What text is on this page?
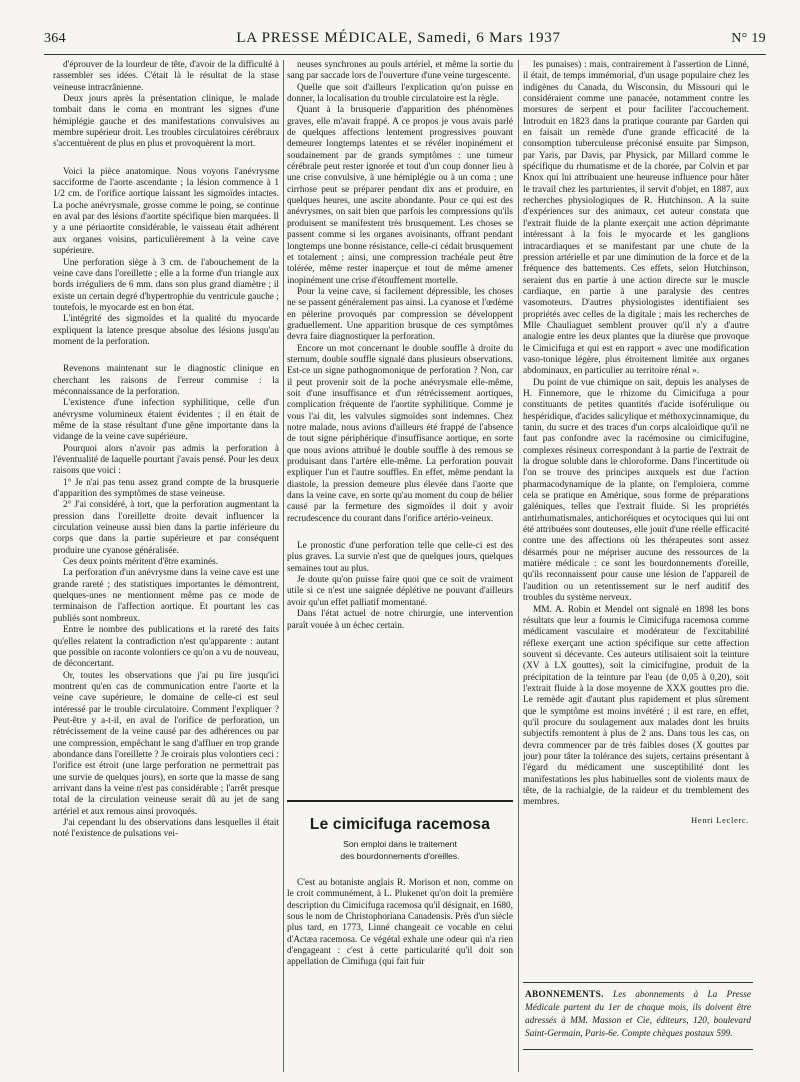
364	LA PRESSE MÉDICALE, Samedi, 6 Mars 1937	N° 19

d'éprouver de la lourdeur de tête, d'avoir de la difficulté à rassembler ses idées. C'était là le résultat de la stase veineuse intracrânienne.

Deux jours après la présentation clinique, le malade tombait dans le coma en montrant les signes d'une hémiplégie gauche et des manifestations convulsives au membre supérieur droit. Les troubles circulatoires cérébraux s'accentuèrent de plus en plus et provoquèrent la mort.

Voici la pièce anatomique. Nous voyons l'anévrysme sacciforme de l'aorte ascendante ; la lésion commence à 1 1/2 cm. de l'orifice aortique laissant les sigmoïdes intactes. La poche anévrysmale, grosse comme le poing, se continue en aval par des lésions d'aortite spécifique bien marquées. Il y a une périaortite considérable, le vaisseau était adhérent aux organes voisins, particulièrement à la veine cave supérieure.

Une perforation siège à 3 cm. de l'abouchement de la veine cave dans l'oreillette ; elle a la forme d'un triangle aux bords irréguliers de 6 mm. dans son plus grand diamètre ; il existe un certain degré d'hypertrophie du ventricule gauche ; toutefois, le myocarde est en bon état.

L'intégrité des sigmoïdes et la qualité du myocarde expliquent la latence presque absolue des lésions jusqu'au moment de la perforation.

Revenons maintenant sur le diagnostic clinique en cherchant les raisons de l'erreur commise : la méconnaissance de la perforation.

L'existence d'une infection syphilitique, celle d'un anévrysme volumineux étaient évidentes ; il en était de même de la stase résultant d'une gêne importante dans la vidange de la veine cave supérieure.

Pourquoi alors n'avoir pas admis la perforation à l'éventualité de laquelle pourtant j'avais pensé. Pour les deux raisons que voici :

1° Je n'ai pas tenu assez grand compte de la brusquerie d'apparition des symptômes de stase veineuse.

2° J'ai considéré, à tort, que la perforation augmentant la pression dans l'oreillette droite devait influencer la circulation veineuse aussi bien dans la partie inférieure du corps que dans la partie supérieure et par conséquent produire une cyanose généralisée.

Ces deux points méritent d'être examinés.

La perforation d'un anévrysme dans la veine cave est une grande rareté ; des statistiques importantes le démontrent, quelques-unes ne mentionnent même pas ce mode de terminaison de l'affection aortique. Et pourtant les cas publiés sont nombreux.

Entre le nombre des publications et la rareté des faits qu'elles relatent la contradiction n'est qu'apparente : autant que possible on raconte volontiers ce qu'on a vu de nouveau, de déconcertant.

Or, toutes les observations que j'ai pu lire jusqu'ici montrent qu'en cas de communication entre l'aorte et la veine cave supérieure, le domaine de celle-ci est seul intéressé par le trouble circulatoire. Comment l'expliquer ? Peut-être y a-t-il, en aval de l'orifice de perforation, un rétrécissement de la veine causé par des adhérences ou par une compression, empêchant le sang d'affluer en trop grande abondance dans l'oreillette ? Je croirais plus volontiers ceci : l'orifice est étroit (une large perforation ne permettrait pas une survie de quelques jours), en sorte que la masse de sang arrivant dans la veine n'est pas considérable ; l'arrêt presque total de la circulation veineuse serait dû au jet de sang artériel et aux remous ainsi provoqués.

J'ai cependant lu des observations dans lesquelles il était noté l'existence de pulsations vei-

neuses synchrones au pouls artériel, et même la sortie du sang par saccade lors de l'ouverture d'une veine turgescente.

Quelle que soit d'ailleurs l'explication qu'on puisse en donner, la localisation du trouble circulatoire est la règle.

Quant à la brusquerie d'apparition des phénomènes graves, elle m'avait frappé. A ce propos je vous avais parlé de quelques affections lentement progressives pouvant demeurer longtemps latentes et se révéler inopinément et soudainement par de grands symptômes : une tumeur cérébrale peut rester ignorée et tout d'un coup donner lieu à une crise convulsive, à une hémiplégie ou à un coma ; une cirrhose peut se préparer pendant dix ans et produire, en quelques heures, une ascite abondante. Pour ce qui est des anévrysmes, on sait bien que parfois les compressions qu'ils produisent se manifestent très brusquement. Les choses se passent comme si les organes avoisinants, offrant pendant longtemps une bonne résistance, celle-ci cédait brusquement et totalement ; ainsi, une compression trachéale peut être tolérée, même rester inaperçue et tout de même amener inopinément une crise d'étouffement mortelle.

Pour la veine cave, si facilement dépressible, les choses ne se passent généralement pas ainsi. La cyanose et l'œdème en pèlerine provoqués par compression se développent graduellement. Une apparition brusque de ces symptômes devra faire diagnostiquer la perforation.

Encore un mot concernant le double souffle à droite du sternum, double souffle signalé dans plusieurs observations. Est-ce un signe pathognomonique de perforation ? Non, car il peut provenir soit de la poche anévrysmale elle-même, soit d'une insuffisance et d'un rétrécissement aortiques, complication fréquente de l'aortite syphilitique. Comme je vous l'ai dit, les valvules sigmoïdes sont indemnes. Chez notre malade, nous avions d'ailleurs été frappé de l'absence de tout signe périphérique d'insuffisance aortique, en sorte que nous avions attribué le double souffle à des remous se produisant dans l'artère elle-même. La perforation pouvait expliquer l'un et l'autre souffles. En effet, même pendant la diastole, la pression demeure plus élevée dans l'aorte que dans la veine cave, en sorte qu'au moment du coup de bélier causé par la fermeture des sigmoïdes il doit y avoir recrudescence du courant dans l'orifice artério-veineux.

Le pronostic d'une perforation telle que celle-ci est des plus graves. La survie n'est que de quelques jours, quelques semaines tout au plus.

Je doute qu'on puisse faire quoi que ce soit de vraiment utile si ce n'est une saignée déplétive ne pouvant d'ailleurs avoir qu'un effet palliatif momentané.

Dans l'état actuel de notre chirurgie, une intervention paraît vouée à un échec certain.

Le cimicifuga racemosa
Son emploi dans le traitement
des bourdonnements d'oreilles.

C'est au botaniste anglais R. Morison et non, comme on le croit communément, à L. Plukenet qu'on doit la première description du Cimicifuga racemosa qu'il désignait, en 1680, sous le nom de Christophoriana Canadensis. Près d'un siècle plus tard, en 1773, Linné changeait ce vocable en celui d'Actæa racemosa. Ce végétal exhale une odeur qui n'a rien d'engageant : c'est à cette particularité qu'il doit son appellation de Cimifuga (qui fait fuir

les punaises) : mais, contrairement à l'assertion de Linné, il était, de temps immémorial, d'un usage populaire chez les indigènes du Canada, du Wisconsin, du Missouri qui le considéraient comme une panacée, notamment contre les morsures de serpent et pour faciliter l'accouchement. Introduit en 1823 dans la pratique courante par Garden qui en faisait un remède d'une grande efficacité de la consomption tuberculeuse préconisé ensuite par Simpson, par Yaris, par Davis, par Physick, par Millard comme le spécifique du rhumatisme et de la chorée, par Colvin et par Knox qui lui attribuaient une heureuse influence pour hâter le travail chez les parturientes, il servit d'objet, en 1887, aux recherches physiologiques de R. Hutchinson. A la suite d'expériences sur des animaux, cet auteur constata que l'extrait fluide de la plante exerçait une action déprimante intéressant à la fois le myocarde et les ganglions intracardiaques et se manifestant par une chute de la pression artérielle et par une diminution de la force et de la fréquence des battements. Ces effets, selon Hutchinson, seraient dus en partie à une action directe sur le muscle cardiaque, en partie à une paralysie des centres vasomoteurs. D'autres physiologistes identifiaient ses propriétés avec celles de la digitale ; mais les recherches de Mlle Chauliaguet semblent prouver qu'il n'y a d'autre analogie entre les deux plantes que la diurèse que provoque le Cimicifuga et qui est en rapport « avec une modification vaso-tonique légère, plus étroitement limitée aux organes abdominaux, en particulier au territoire rénal ».

Du point de vue chimique on sait, depuis les analyses de H. Finnemore, que le rhizome du Cimicifuga a pour constituants de petites quantités d'acide isoférulique ou hespéridique, d'acides salicylique et méthoxycinnamique, du tanin, du sucre et des traces d'un corps alcaloïdique qu'il ne faut pas confondre avec la racémosine ou cimicifugine, complexes résineux correspondant à la partie de l'extrait de la drogue soluble dans le chloroforme. Dans l'incertitude où l'on se trouve des principes auxquels est due l'action pharmacodynamique de la plante, on l'emploiera, comme cela se pratique en Amérique, sous forme de préparations galéniques, telles que l'extrait fluide. Si les propriétés antirhumatismales, antichoréiques et ocytociques qui lui ont été attribuées sont douteuses, elle jouit d'une réelle efficacité contre une des affections où les thérapeutes sont assez désarmés pour ne mépriser aucune des ressources de la matière médicale : ce sont les bourdonnements d'oreille, qu'ils reconnaissent pour cause une lésion de l'appareil de l'audition ou un retentissement sur le nerf auditif des troubles du système nerveux.

MM. A. Robin et Mendel ont signalé en 1898 les bons résultats que leur a fournis le Cimicifuga racemosa comme médicament vasculaire et modérateur de l'excitabilité réflexe exerçant une action spécifique sur cette affection souvent si décevante. Ces auteurs utilisaient soit la teinture (XV à LX gouttes), soit la cimicifugine, produit de la précipitation de la teinture par l'eau (de 0,05 à 0,20), soit l'extrait fluide à la dose moyenne de XXX gouttes pro die. Le remède agit d'autant plus rapidement et plus sûrement que le symptôme est moins invétéré ; il est rare, en effet, qu'il procure du soulagement aux malades dont les bruits subjectifs remontent à plus de 2 ans. Dans tous les cas, on devra commencer par de très faibles doses (X gouttes par jour) pour tâter la tolérance des sujets, certains présentant à l'égard du médicament une susceptibilité dont les manifestations les plus habituelles sont de violents maux de tête, de la rachialgie, de la raideur et du tremblement des membres.

Henri Leclerc.
ABONNEMENTS. Les abonnements à La Presse Médicale partent du 1er de chaque mois, ils doivent être adressés à MM. Masson et Cie, éditeurs, 120, boulevard Saint-Germain, Paris-6e. Compte chèques postaux 599.
